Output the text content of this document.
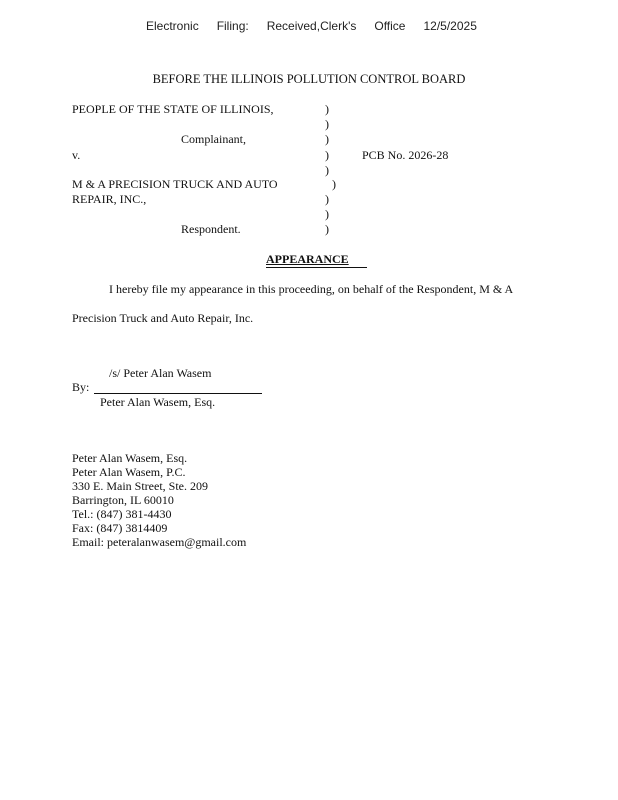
Electronic Filing: Received,Clerk's Office 12/5/2025
BEFORE THE ILLINOIS POLLUTION CONTROL BOARD
PEOPLE OF THE STATE OF ILLINOIS,
Complainant,
v.
M & A PRECISION TRUCK AND AUTO
REPAIR, INC.,
Respondent.
)
)
)
)
)
)
)
)
)
PCB No. 2026-28
APPEARANCE
I hereby file my appearance in this proceeding, on behalf of the Respondent, M & A
Precision Truck and Auto Repair, Inc.
/s/ Peter Alan Wasem
By:
Peter Alan Wasem, Esq.
Peter Alan Wasem, Esq.
Peter Alan Wasem, P.C.
330 E. Main Street, Ste. 209
Barrington, IL 60010
Tel.: (847) 381-4430
Fax: (847) 3814409
Email: peteralanwasem@gmail.com
